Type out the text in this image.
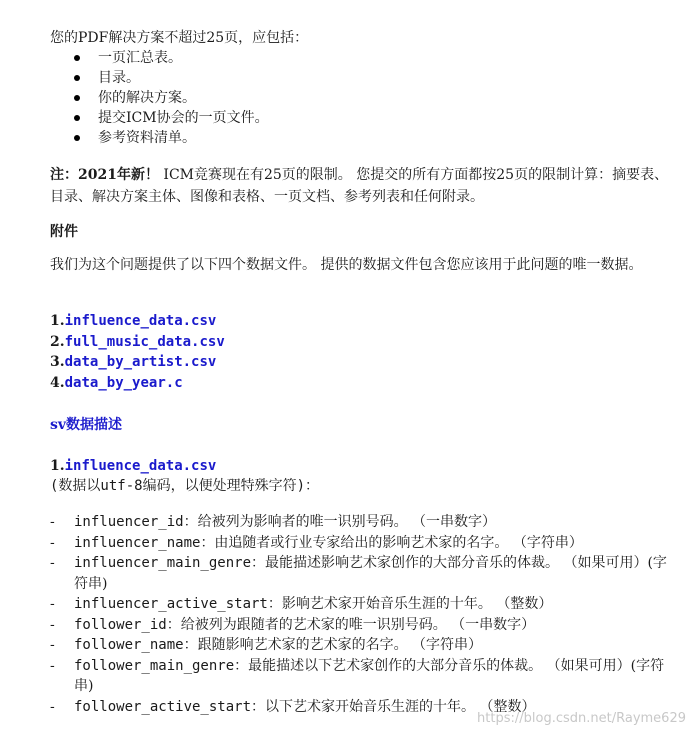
您的PDF解决方案不超过25页，应包括：
一页汇总表。
目录。
你的解决方案。
提交ICM协会的一页文件。
参考资料清单。
注：2021年新！ ICM竞赛现在有25页的限制。 您提交的所有方面都按25页的限制计算：摘要表、目录、解决方案主体、图像和表格、一页文档、参考列表和任何附录。
附件
我们为这个问题提供了以下四个数据文件。 提供的数据文件包含您应该用于此问题的唯一数据。
1.influence_data.csv
2.full_music_data.csv
3.data_by_artist.csv
4.data_by_year.c
sv数据描述
1.influence_data.csv
(数据以utf-8编码，以便处理特殊字符)：
- influencer_id：给被列为影响者的唯一识别号码。 （一串数字）
- influencer_name：由追随者或行业专家给出的影响艺术家的名字。 （字符串）
- influencer_main_genre：最能描述影响艺术家创作的大部分音乐的体裁。 （如果可用）(字符串)
- influencer_active_start：影响艺术家开始音乐生涯的十年。 （整数）
- follower_id：给被列为跟随者的艺术家的唯一识别号码。 （一串数字）
- follower_name：跟随影响艺术家的艺术家的名字。 （字符串）
- follower_main_genre：最能描述以下艺术家创作的大部分音乐的体裁。 （如果可用）(字符串)
- follower_active_start：以下艺术家开始音乐生涯的十年。 （整数）
https://blog.csdn.net/Rayme629
